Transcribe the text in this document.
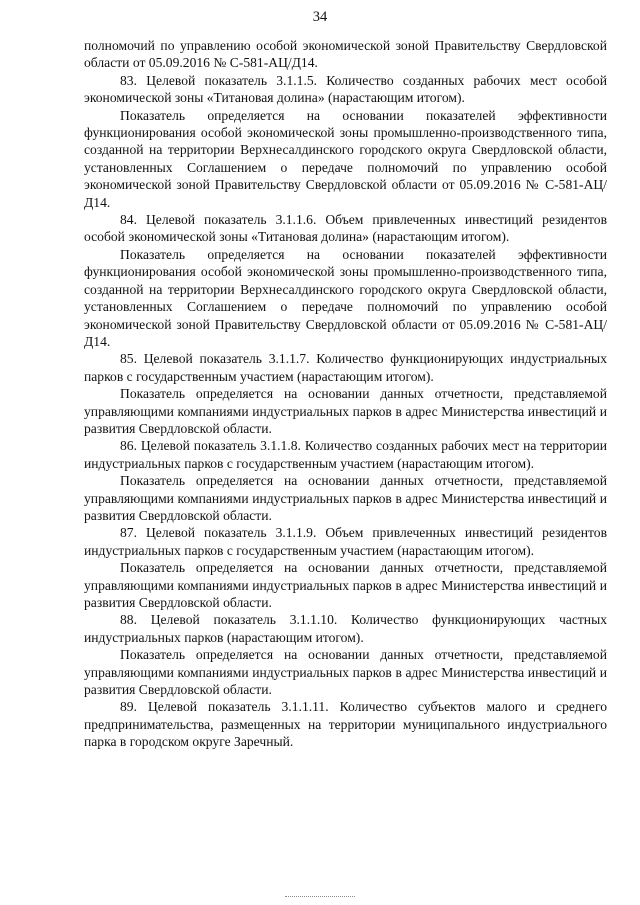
34

полномочий по управлению особой экономической зоной Правительству Свердловской области от 05.09.2016 № С-581-АЦ/Д14.

83. Целевой показатель 3.1.1.5. Количество созданных рабочих мест особой экономической зоны «Титановая долина» (нарастающим итогом).

Показатель определяется на основании показателей эффективности функционирования особой экономической зоны промышленно-производственного типа, созданной на территории Верхнесалдинского городского округа Свердловской области, установленных Соглашением о передаче полномочий по управлению особой экономической зоной Правительству Свердловской области от 05.09.2016 № С-581-АЦ/Д14.

84. Целевой показатель 3.1.1.6. Объем привлеченных инвестиций резидентов особой экономической зоны «Титановая долина» (нарастающим итогом).

Показатель определяется на основании показателей эффективности функционирования особой экономической зоны промышленно-производственного типа, созданной на территории Верхнесалдинского городского округа Свердловской области, установленных Соглашением о передаче полномочий по управлению особой экономической зоной Правительству Свердловской области от 05.09.2016 № С-581-АЦ/Д14.

85. Целевой показатель 3.1.1.7. Количество функционирующих индустриальных парков с государственным участием (нарастающим итогом).

Показатель определяется на основании данных отчетности, представляемой управляющими компаниями индустриальных парков в адрес Министерства инвестиций и развития Свердловской области.

86. Целевой показатель 3.1.1.8. Количество созданных рабочих мест на территории индустриальных парков с государственным участием (нарастающим итогом).

Показатель определяется на основании данных отчетности, представляемой управляющими компаниями индустриальных парков в адрес Министерства инвестиций и развития Свердловской области.

87. Целевой показатель 3.1.1.9. Объем привлеченных инвестиций резидентов индустриальных парков с государственным участием (нарастающим итогом).

Показатель определяется на основании данных отчетности, представляемой управляющими компаниями индустриальных парков в адрес Министерства инвестиций и развития Свердловской области.

88. Целевой показатель 3.1.1.10. Количество функционирующих частных индустриальных парков (нарастающим итогом).

Показатель определяется на основании данных отчетности, представляемой управляющими компаниями индустриальных парков в адрес Министерства инвестиций и развития Свердловской области.

89. Целевой показатель 3.1.1.11. Количество субъектов малого и среднего предпринимательства, размещенных на территории муниципального индустриального парка в городском округе Заречный.
